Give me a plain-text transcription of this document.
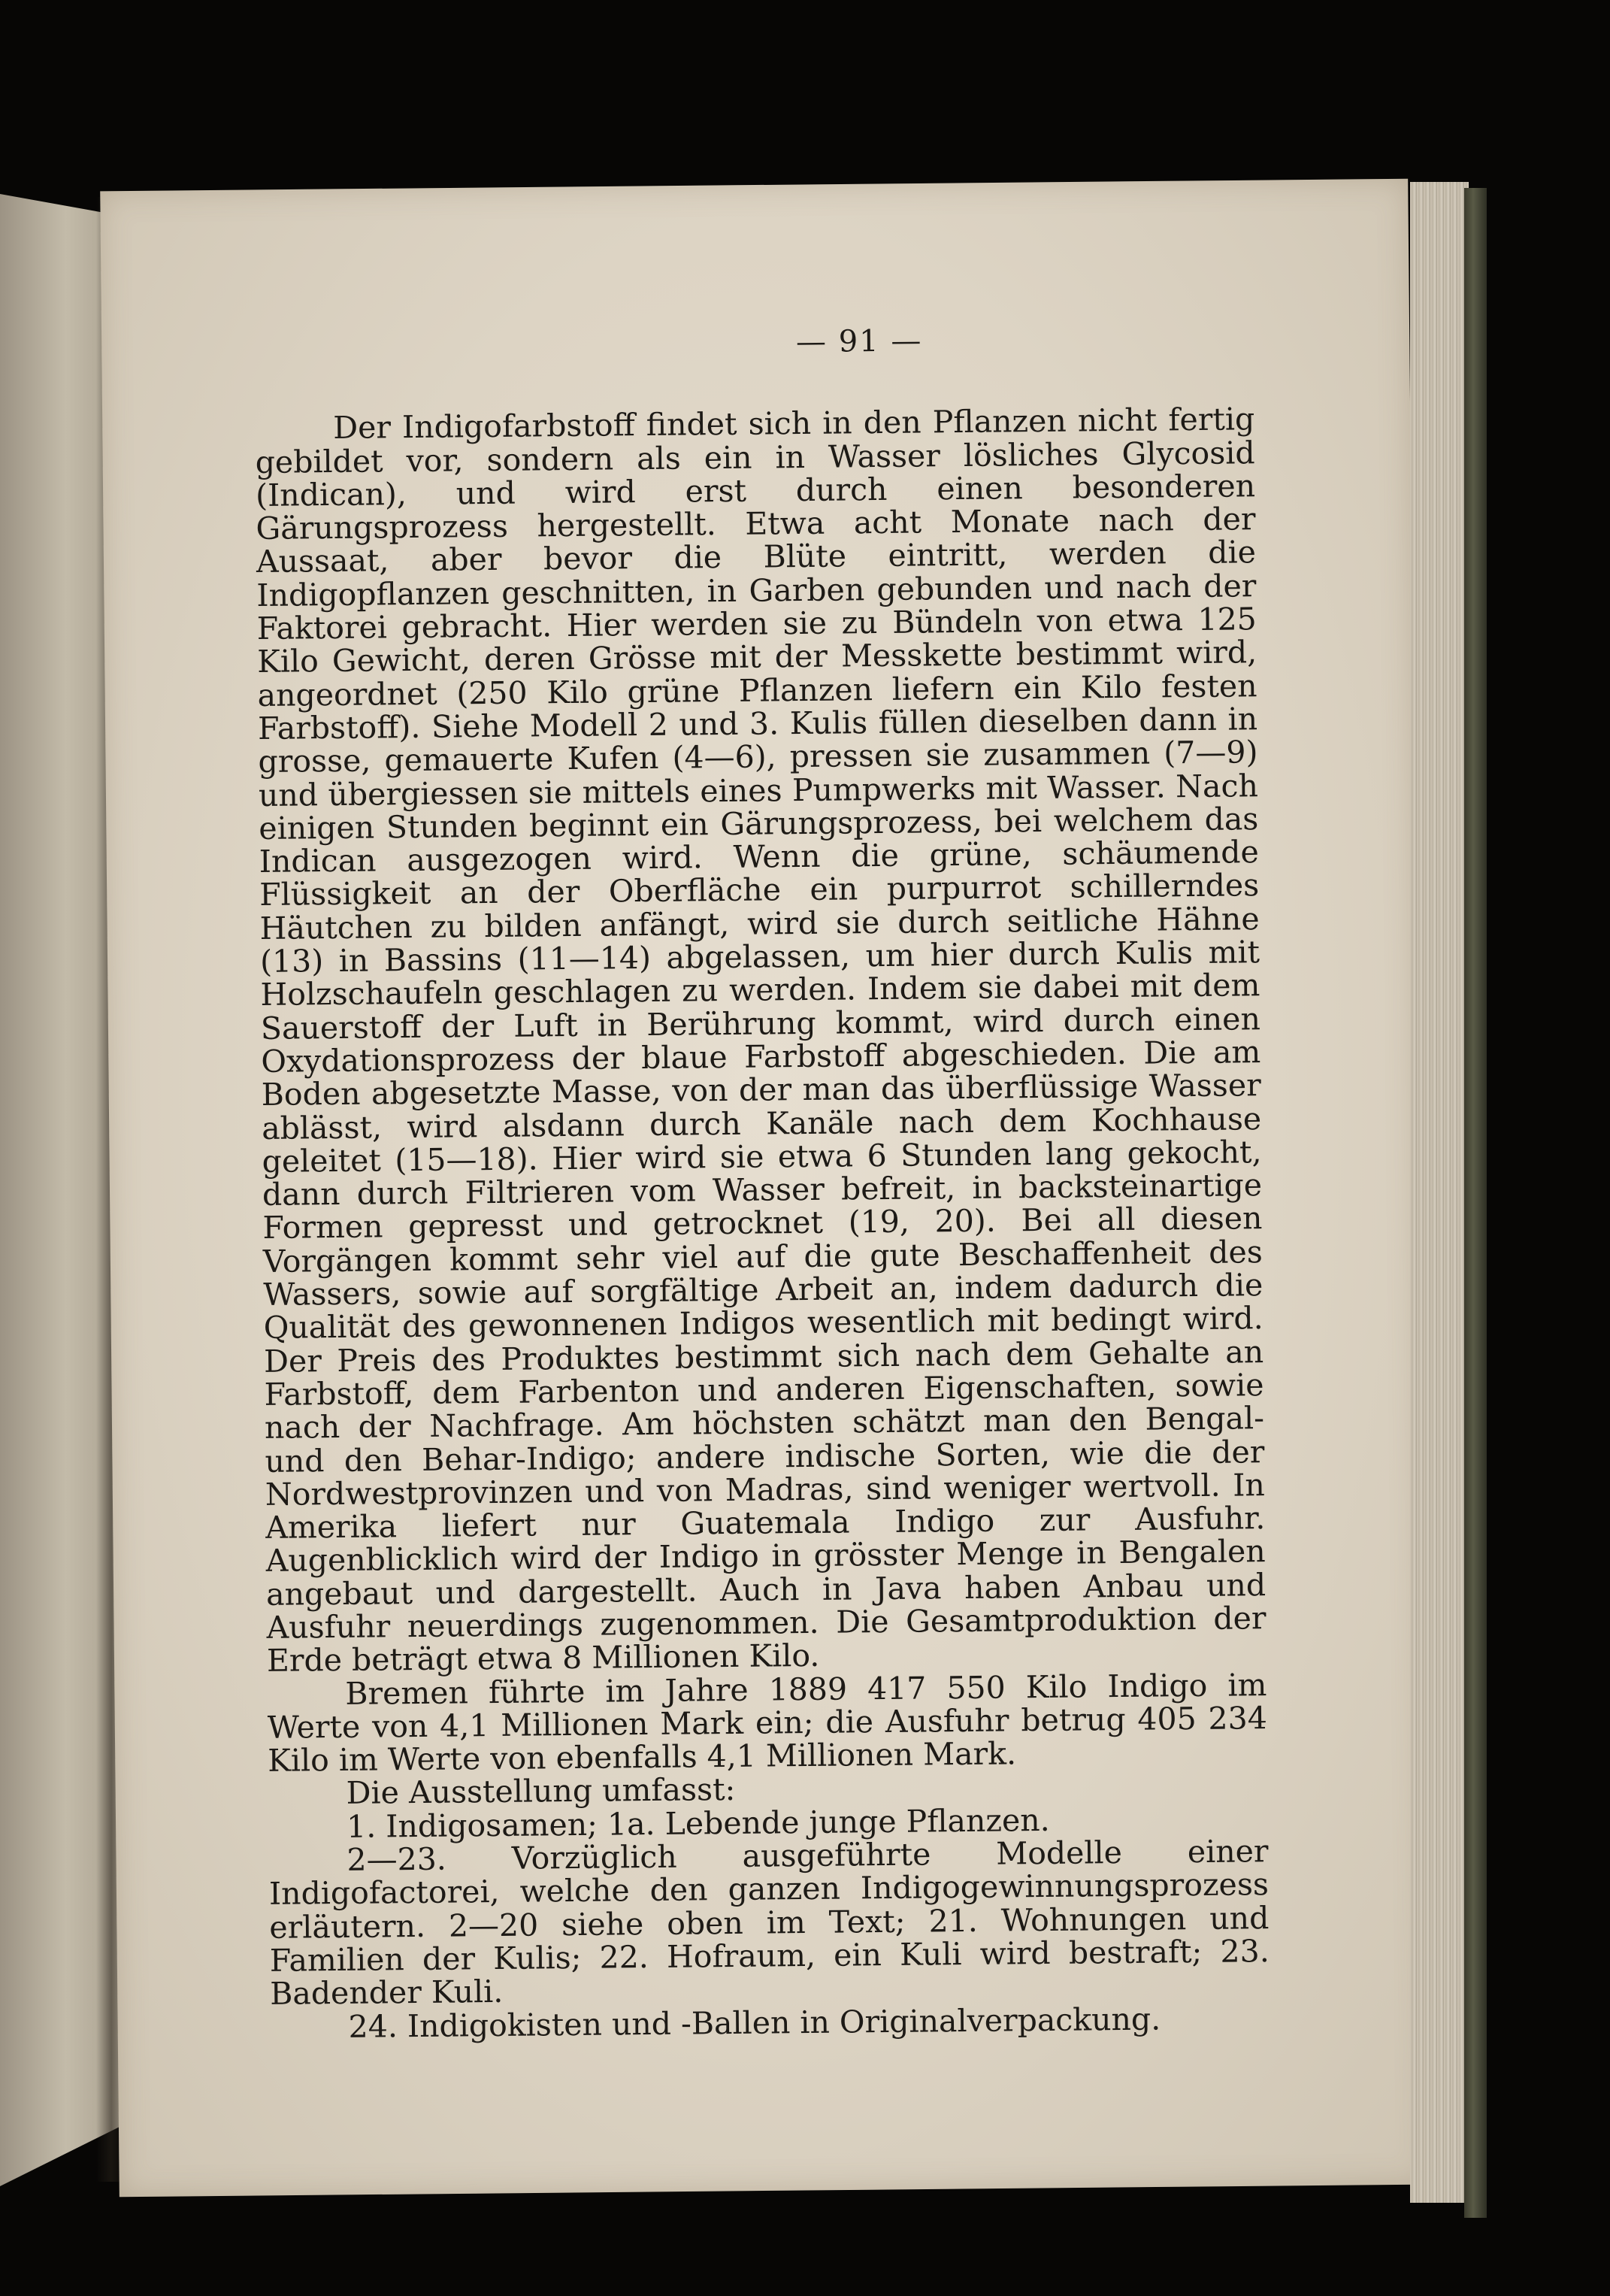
— 91 —

Der Indigofarbstoff findet sich in den Pflanzen nicht fertig gebildet vor, sondern als ein in Wasser lösliches Glycosid (Indican), und wird erst durch einen besonderen Gärungsprozess hergestellt. Etwa acht Monate nach der Aussaat, aber bevor die Blüte eintritt, werden die Indigopflanzen geschnitten, in Garben gebunden und nach der Faktorei gebracht. Hier werden sie zu Bündeln von etwa 125 Kilo Gewicht, deren Grösse mit der Messkette bestimmt wird, angeordnet (250 Kilo grüne Pflanzen liefern ein Kilo festen Farbstoff). Siehe Modell 2 und 3. Kulis füllen dieselben dann in grosse, gemauerte Kufen (4—6), pressen sie zusammen (7—9) und übergiessen sie mittels eines Pumpwerks mit Wasser. Nach einigen Stunden beginnt ein Gärungsprozess, bei welchem das Indican ausgezogen wird. Wenn die grüne, schäumende Flüssigkeit an der Oberfläche ein purpurrot schillerndes Häutchen zu bilden anfängt, wird sie durch seitliche Hähne (13) in Bassins (11—14) abgelassen, um hier durch Kulis mit Holzschaufeln geschlagen zu werden. Indem sie dabei mit dem Sauerstoff der Luft in Berührung kommt, wird durch einen Oxydationsprozess der blaue Farbstoff abgeschieden. Die am Boden abgesetzte Masse, von der man das überflüssige Wasser ablässt, wird alsdann durch Kanäle nach dem Kochhause geleitet (15—18). Hier wird sie etwa 6 Stunden lang gekocht, dann durch Filtrieren vom Wasser befreit, in backsteinartige Formen gepresst und getrocknet (19, 20). Bei all diesen Vorgängen kommt sehr viel auf die gute Beschaffenheit des Wassers, sowie auf sorgfältige Arbeit an, indem dadurch die Qualität des gewonnenen Indigos wesentlich mit bedingt wird. Der Preis des Produktes bestimmt sich nach dem Gehalte an Farbstoff, dem Farbenton und anderen Eigenschaften, sowie nach der Nachfrage. Am höchsten schätzt man den Bengal- und den Behar-Indigo; andere indische Sorten, wie die der Nordwestprovinzen und von Madras, sind weniger wertvoll. In Amerika liefert nur Guatemala Indigo zur Ausfuhr. Augenblicklich wird der Indigo in grösster Menge in Bengalen angebaut und dargestellt. Auch in Java haben Anbau und Ausfuhr neuerdings zugenommen. Die Gesamtproduktion der Erde beträgt etwa 8 Millionen Kilo.

Bremen führte im Jahre 1889 417 550 Kilo Indigo im Werte von 4,1 Millionen Mark ein; die Ausfuhr betrug 405 234 Kilo im Werte von ebenfalls 4,1 Millionen Mark.

Die Ausstellung umfasst:

1. Indigosamen; 1a. Lebende junge Pflanzen.

2—23. Vorzüglich ausgeführte Modelle einer Indigofactorei, welche den ganzen Indigogewinnungsprozess erläutern. 2—20 siehe oben im Text; 21. Wohnungen und Familien der Kulis; 22. Hofraum, ein Kuli wird bestraft; 23. Badender Kuli.

24. Indigokisten und -Ballen in Originalverpackung.
